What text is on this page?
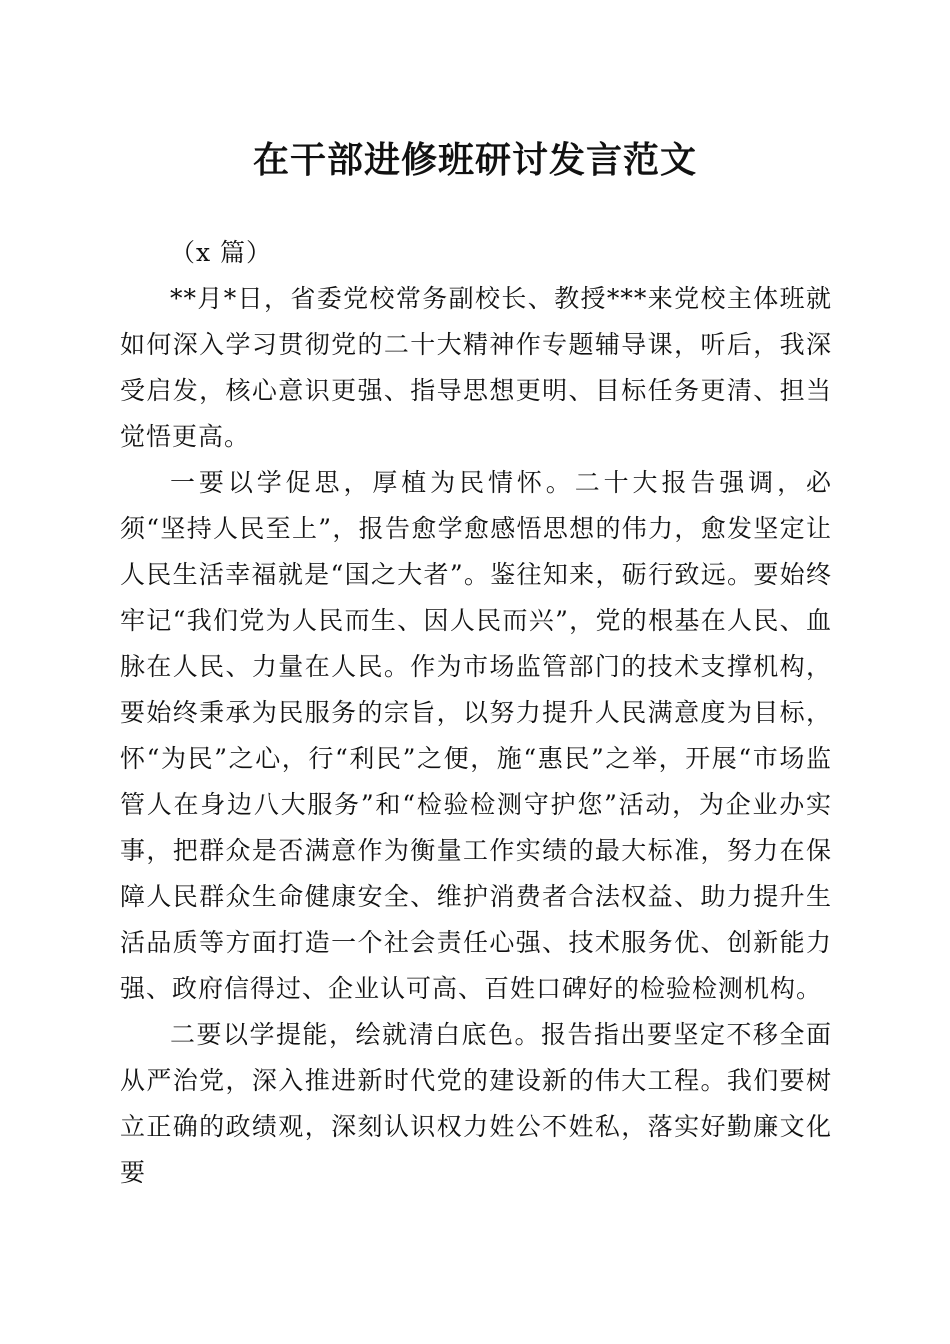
在干部进修班研讨发言范文

（x 篇）

**月*日，省委党校常务副校长、教授***来党校主体班就如何深入学习贯彻党的二十大精神作专题辅导课，听后，我深受启发，核心意识更强、指导思想更明、目标任务更清、担当觉悟更高。

一要以学促思，厚植为民情怀。二十大报告强调，必须“坚持人民至上”，报告愈学愈感悟思想的伟力，愈发坚定让人民生活幸福就是“国之大者”。鉴往知来，砺行致远。要始终牢记“我们党为人民而生、因人民而兴”，党的根基在人民、血脉在人民、力量在人民。作为市场监管部门的技术支撑机构，要始终秉承为民服务的宗旨，以努力提升人民满意度为目标，怀“为民”之心，行“利民”之便，施“惠民”之举，开展“市场监管人在身边八大服务”和“检验检测守护您”活动，为企业办实事，把群众是否满意作为衡量工作实绩的最大标准，努力在保障人民群众生命健康安全、维护消费者合法权益、助力提升生活品质等方面打造一个社会责任心强、技术服务优、创新能力强、政府信得过、企业认可高、百姓口碑好的检验检测机构。

二要以学提能，绘就清白底色。报告指出要坚定不移全面从严治党，深入推进新时代党的建设新的伟大工程。我们要树立正确的政绩观，深刻认识权力姓公不姓私，落实好勤廉文化要
